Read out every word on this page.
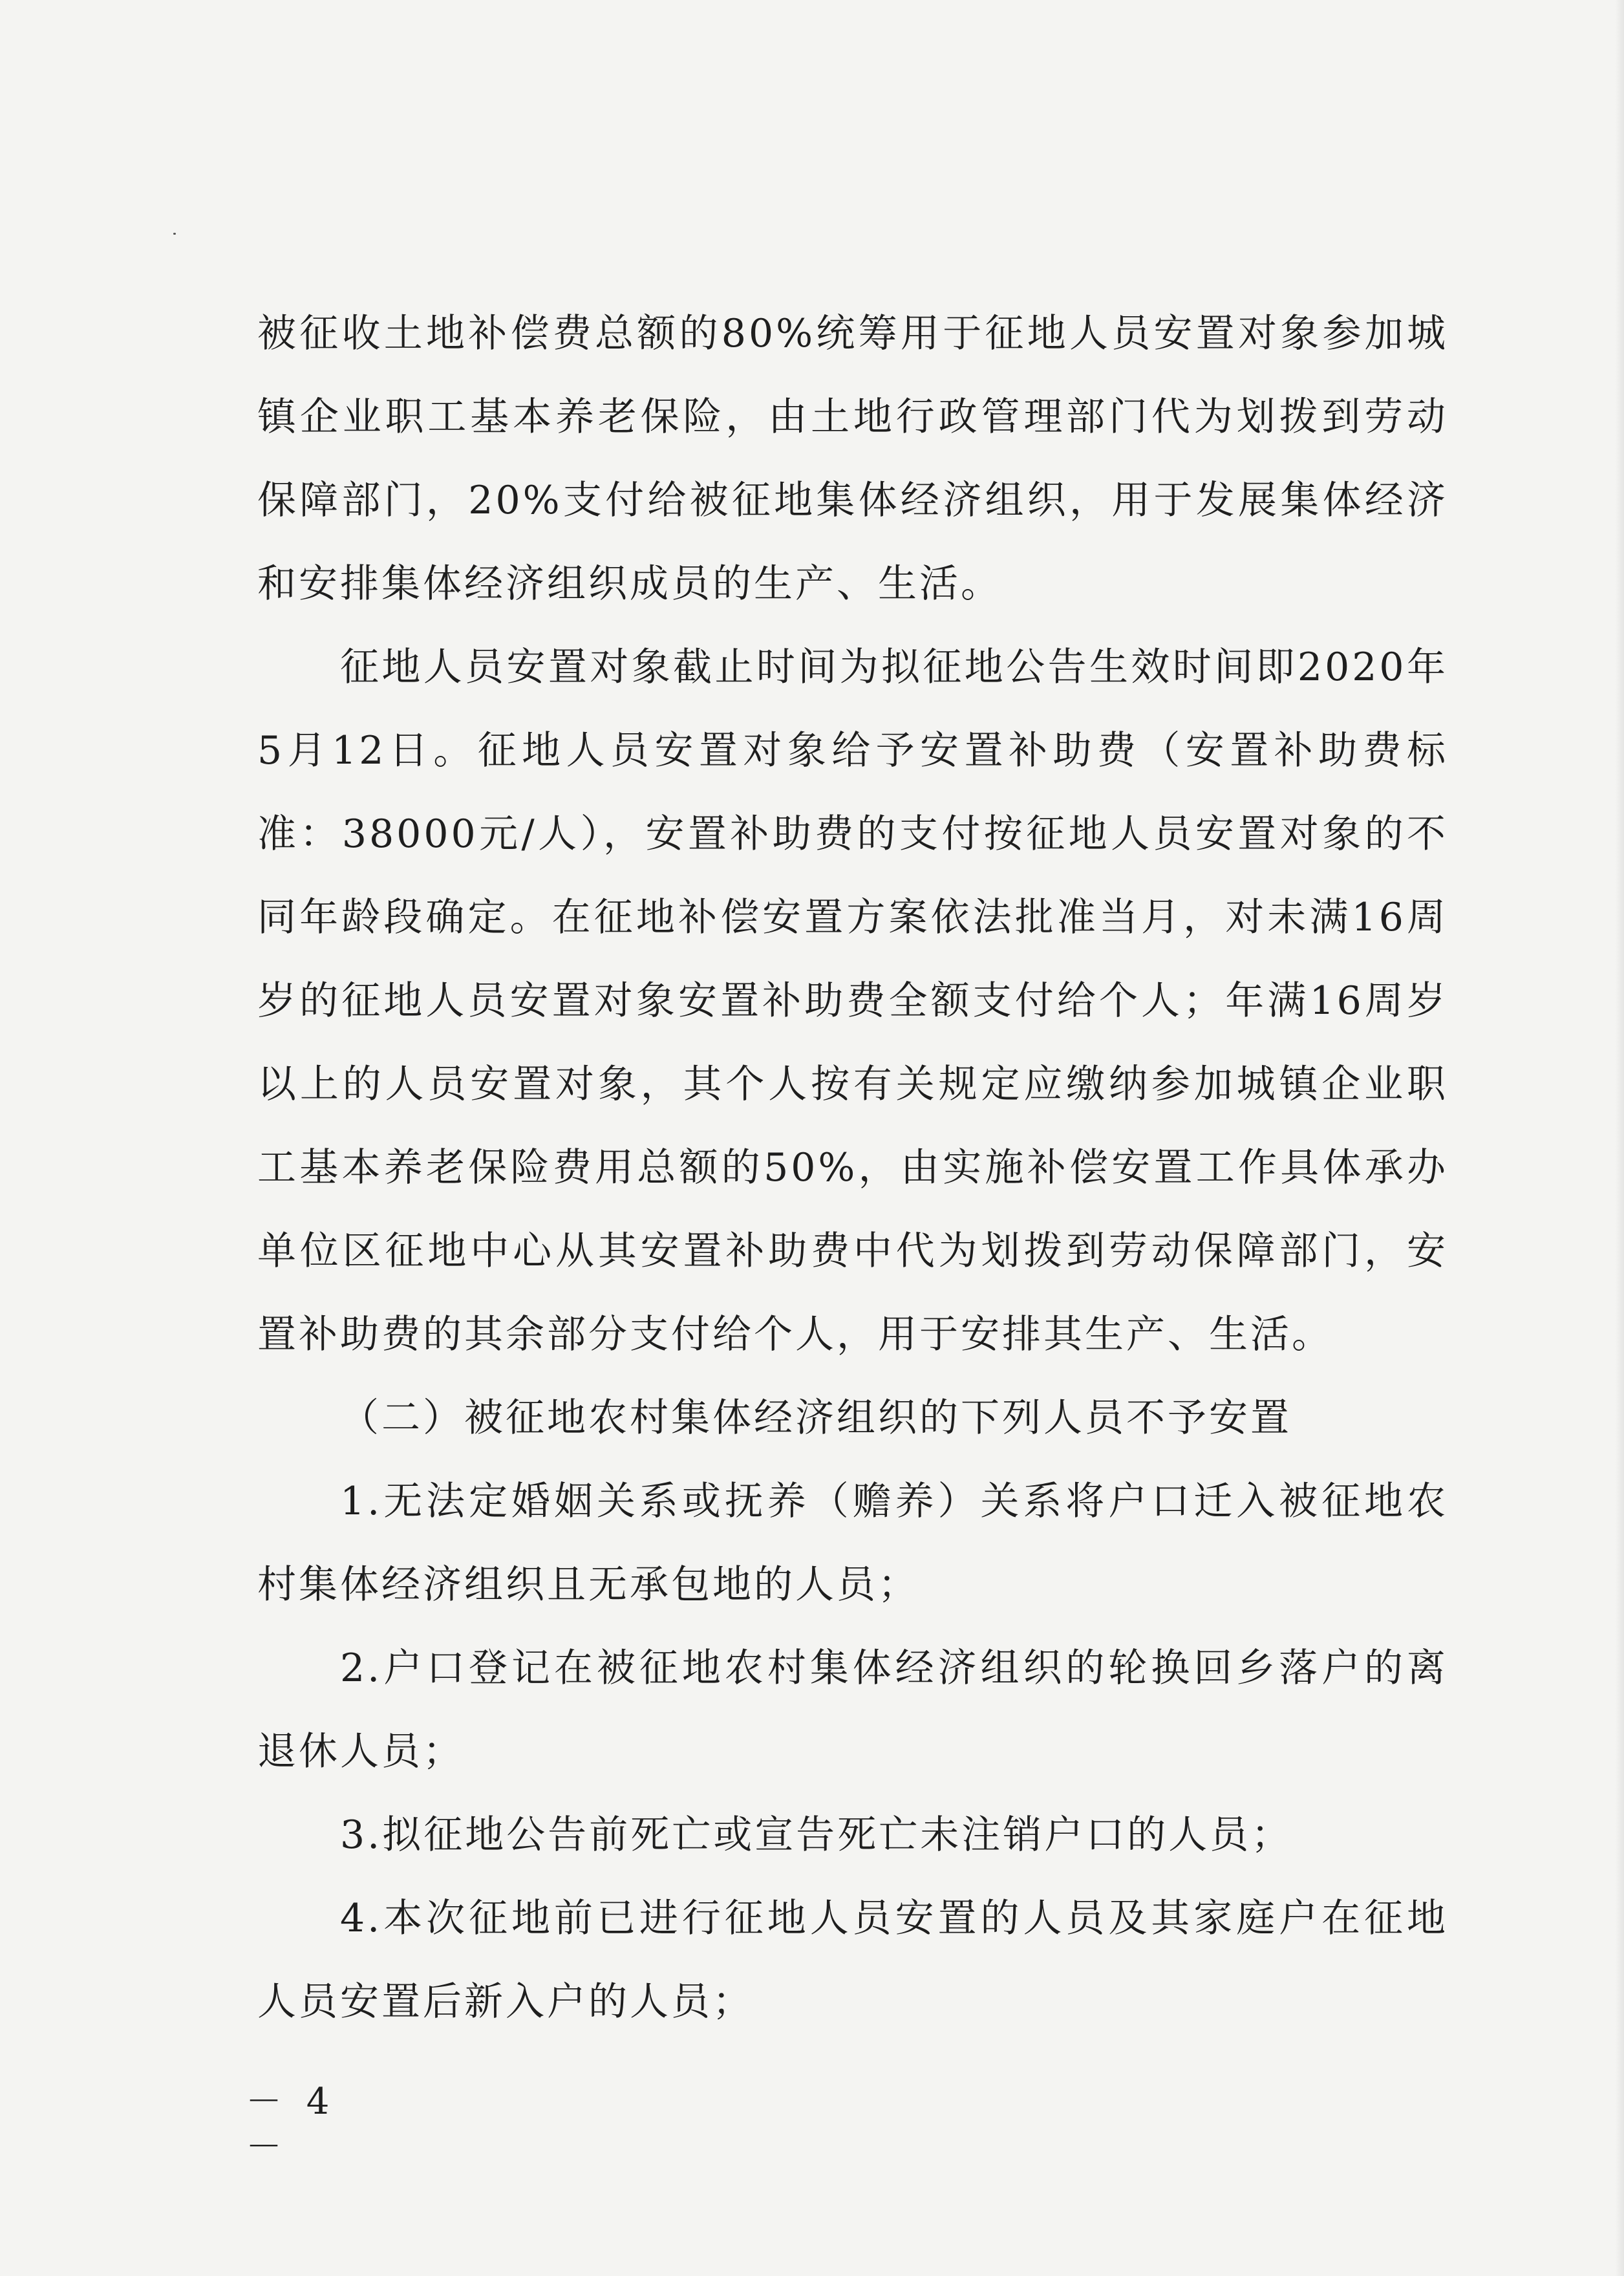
被征收土地补偿费总额的80%统筹用于征地人员安置对象参加城镇企业职工基本养老保险，由土地行政管理部门代为划拨到劳动保障部门，20%支付给被征地集体经济组织，用于发展集体经济和安排集体经济组织成员的生产、生活。

征地人员安置对象截止时间为拟征地公告生效时间即2020年5月12日。征地人员安置对象给予安置补助费（安置补助费标准：38000元/人），安置补助费的支付按征地人员安置对象的不同年龄段确定。在征地补偿安置方案依法批准当月，对未满16周岁的征地人员安置对象安置补助费全额支付给个人；年满16周岁以上的人员安置对象，其个人按有关规定应缴纳参加城镇企业职工基本养老保险费用总额的50%，由实施补偿安置工作具体承办单位区征地中心从其安置补助费中代为划拨到劳动保障部门，安置补助费的其余部分支付给个人，用于安排其生产、生活。

（二）被征地农村集体经济组织的下列人员不予安置

1.无法定婚姻关系或抚养（赡养）关系将户口迁入被征地农村集体经济组织且无承包地的人员；

2.户口登记在被征地农村集体经济组织的轮换回乡落户的离退休人员；

3.拟征地公告前死亡或宣告死亡未注销户口的人员；

4.本次征地前已进行征地人员安置的人员及其家庭户在征地人员安置后新入户的人员；

－ 4 －
